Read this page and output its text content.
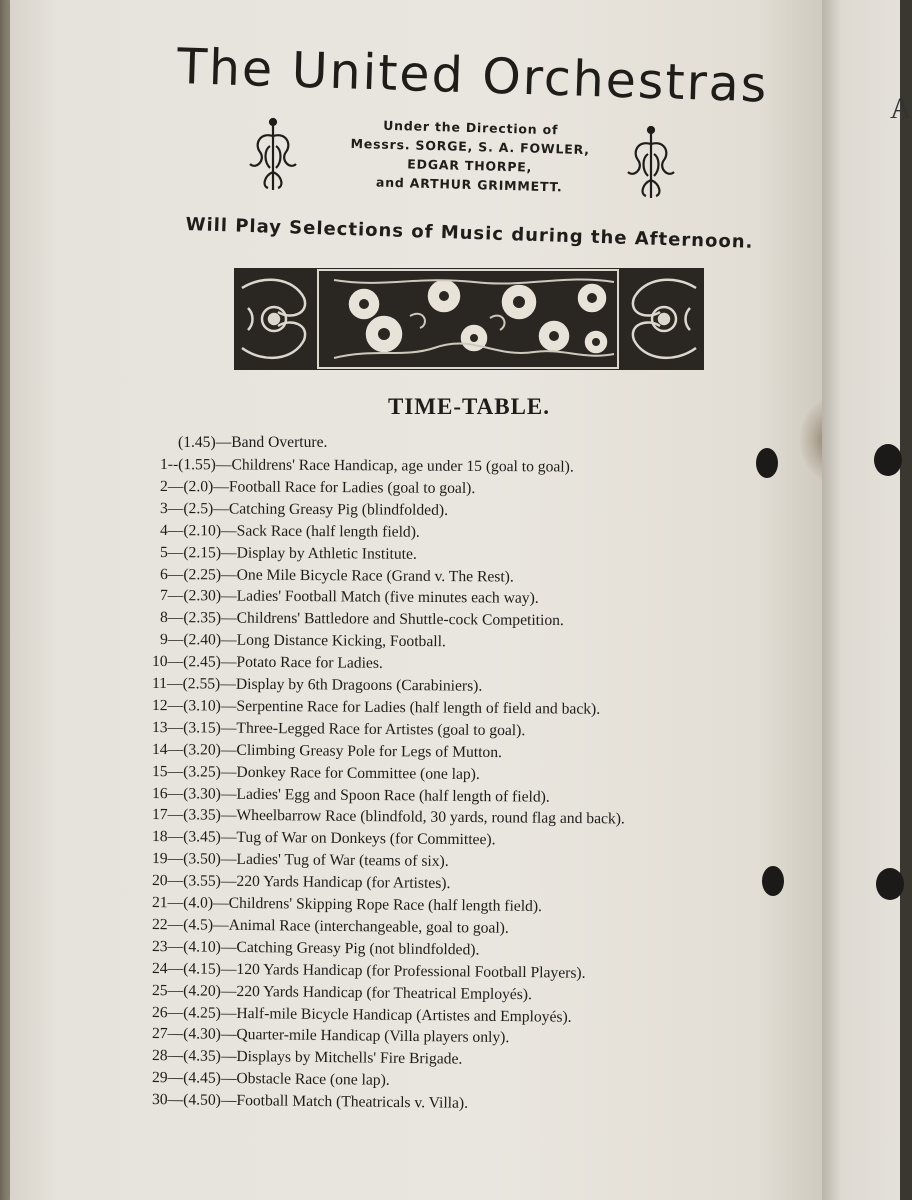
The United Orchestras
Under the Direction of
Messrs. SORGE, S. A. FOWLER,
EDGAR THORPE,
and ARTHUR GRIMMETT.
Will Play Selections of Music during the Afternoon.
TIME-TABLE.
(1.45)—Band Overture.
1--(1.55)—Childrens' Race Handicap, age under 15 (goal to goal).
2—(2.0)—Football Race for Ladies (goal to goal).
3—(2.5)—Catching Greasy Pig (blindfolded).
4—(2.10)—Sack Race (half length field).
5—(2.15)—Display by Athletic Institute.
6—(2.25)—One Mile Bicycle Race (Grand v. The Rest).
7—(2.30)—Ladies' Football Match (five minutes each way).
8—(2.35)—Childrens' Battledore and Shuttle-cock Competition.
9—(2.40)—Long Distance Kicking, Football.
10—(2.45)—Potato Race for Ladies.
11—(2.55)—Display by 6th Dragoons (Carabiniers).
12—(3.10)—Serpentine Race for Ladies (half length of field and back).
13—(3.15)—Three-Legged Race for Artistes (goal to goal).
14—(3.20)—Climbing Greasy Pole for Legs of Mutton.
15—(3.25)—Donkey Race for Committee (one lap).
16—(3.30)—Ladies' Egg and Spoon Race (half length of field).
17—(3.35)—Wheelbarrow Race (blindfold, 30 yards, round flag and back).
18—(3.45)—Tug of War on Donkeys (for Committee).
19—(3.50)—Ladies' Tug of War (teams of six).
20—(3.55)—220 Yards Handicap (for Artistes).
21—(4.0)—Childrens' Skipping Rope Race (half length field).
22—(4.5)—Animal Race (interchangeable, goal to goal).
23—(4.10)—Catching Greasy Pig (not blindfolded).
24—(4.15)—120 Yards Handicap (for Professional Football Players).
25—(4.20)—220 Yards Handicap (for Theatrical Employés).
26—(4.25)—Half-mile Bicycle Handicap (Artistes and Employés).
27—(4.30)—Quarter-mile Handicap (Villa players only).
28—(4.35)—Displays by Mitchells' Fire Brigade.
29—(4.45)—Obstacle Race (one lap).
30—(4.50)—Football Match (Theatricals v. Villa).
A
